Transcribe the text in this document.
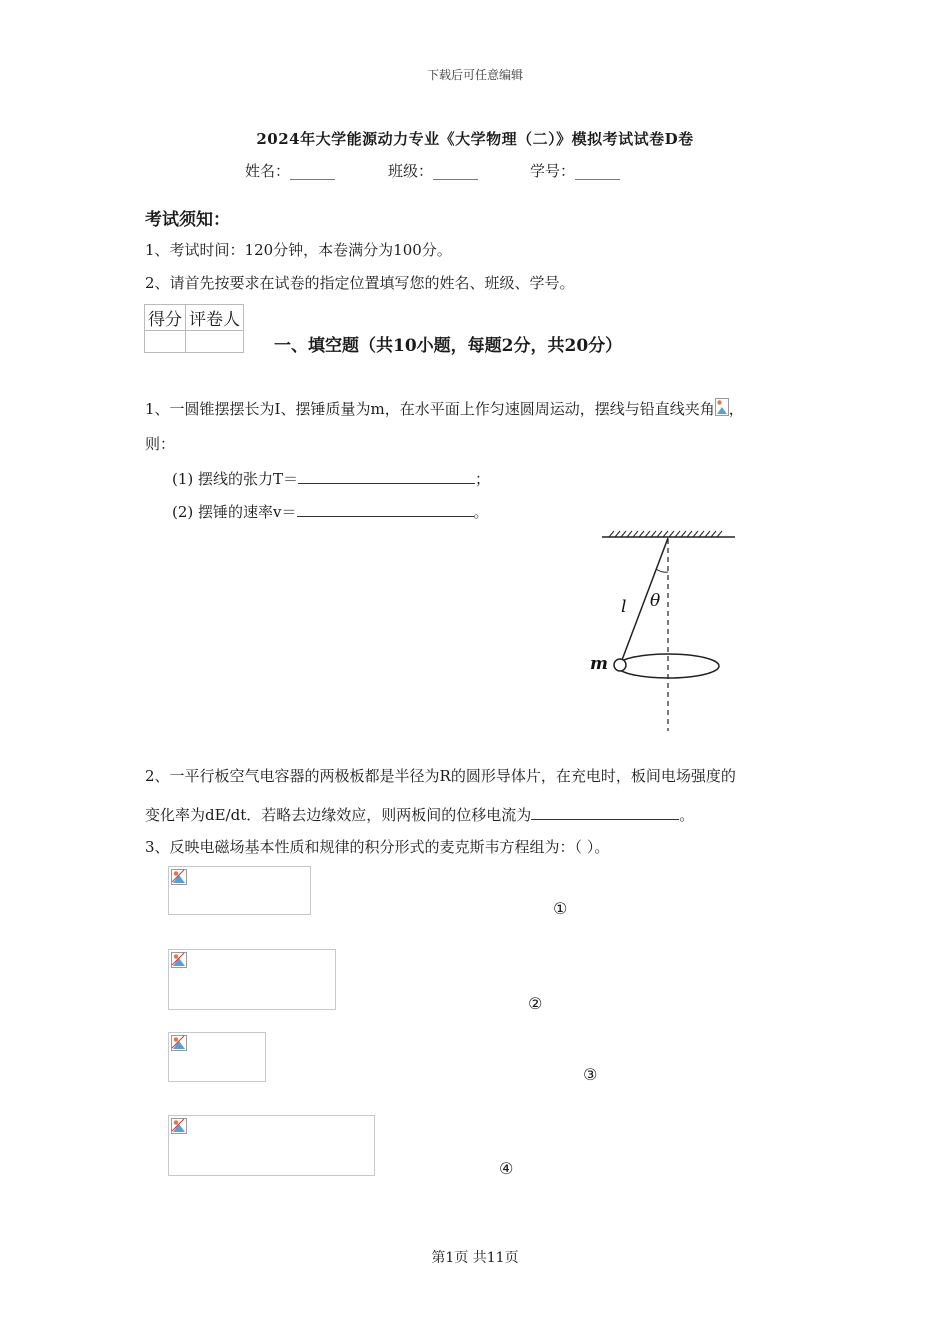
下载后可任意编辑
2024年大学能源动力专业《大学物理（二）》模拟考试试卷D卷
姓名：______	班级：______	学号：______
考试须知：
1、考试时间：120分钟，本卷满分为100分。
2、请首先按要求在试卷的指定位置填写您的姓名、班级、学号。
得分	评卷人

一、填空题（共10小题，每题2分，共20分）
1、一圆锥摆摆长为I、摆锤质量为m，在水平面上作匀速圆周运动，摆线与铅直线夹角 ，
则：
(1) 摆线的张力T＝	；
(2) 摆锤的速率v＝	。
l θ
m
2、一平行板空气电容器的两极板都是半径为R的圆形导体片，在充电时，板间电场强度的
变化率为dE/dt．若略去边缘效应，则两板间的位移电流为	。
3、反映电磁场基本性质和规律的积分形式的麦克斯韦方程组为：（ ）。
①
②
③
④
第1页 共11页
